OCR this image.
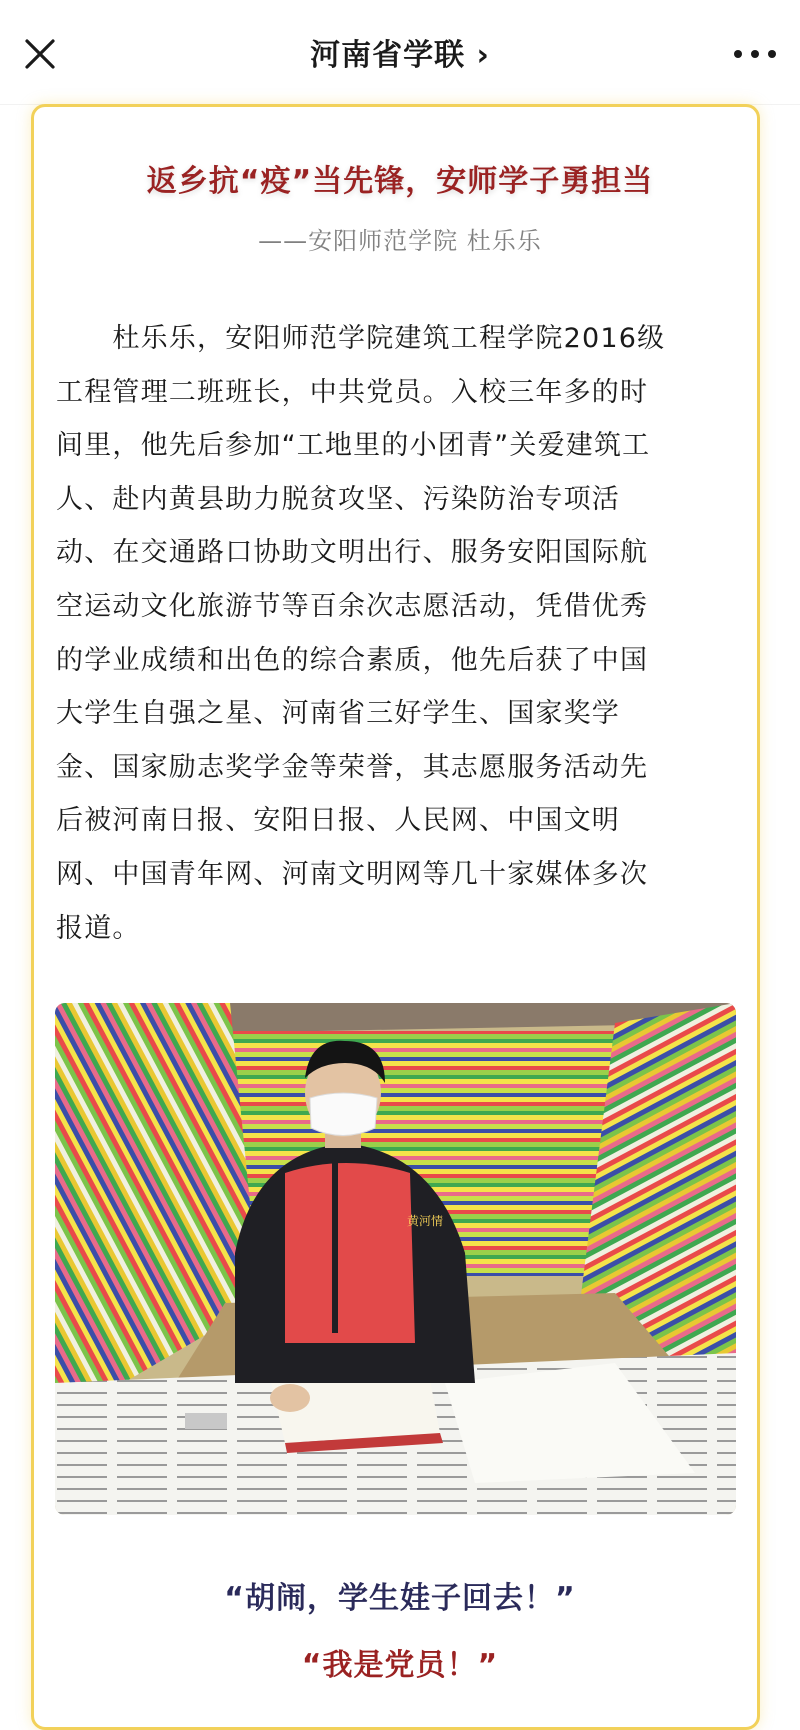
河南省学联 ›
返乡抗“疫”当先锋，安师学子勇担当
——安阳师范学院 杜乐乐
　　杜乐乐，安阳师范学院建筑工程学院2016级
工程管理二班班长，中共党员。入校三年多的时
间里，他先后参加“工地里的小团青”关爱建筑工
人、赴内黄县助力脱贫攻坚、污染防治专项活
动、在交通路口协助文明出行、服务安阳国际航
空运动文化旅游节等百余次志愿活动，凭借优秀
的学业成绩和出色的综合素质，他先后获了中国
大学生自强之星、河南省三好学生、国家奖学
金、国家励志奖学金等荣誉，其志愿服务活动先
后被河南日报、安阳日报、人民网、中国文明
网、中国青年网、河南文明网等几十家媒体多次
报道。
黄河情
“胡闹，学生娃子回去！”
“我是党员！”
